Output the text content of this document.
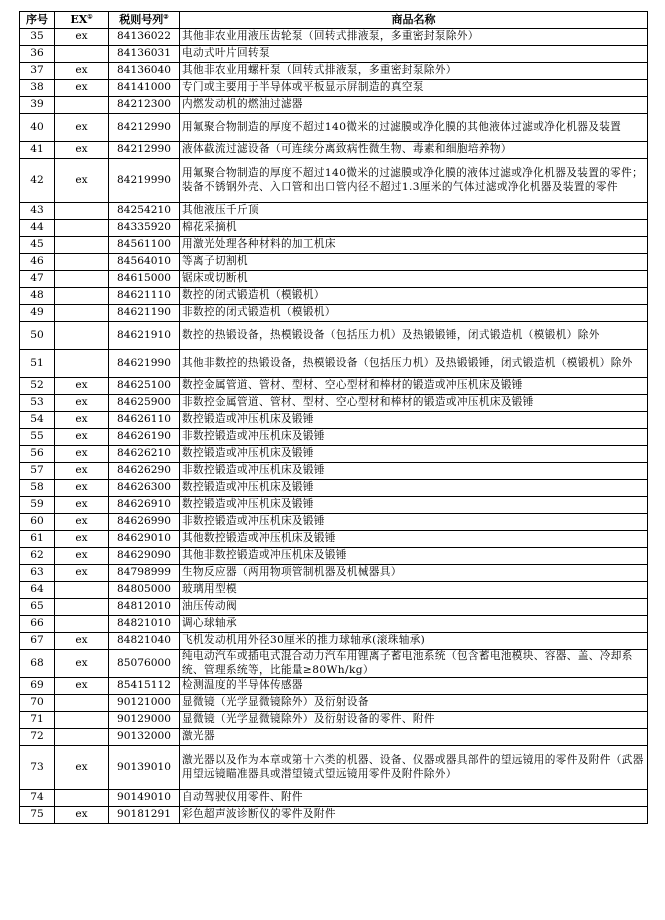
序号	EX①	税则号列②	商品名称
35	ex	84136022	其他非农业用液压齿轮泵（回转式排液泵，多重密封泵除外）
36		84136031	电动式叶片回转泵
37	ex	84136040	其他非农业用螺杆泵（回转式排液泵，多重密封泵除外）
38	ex	84141000	专门或主要用于半导体或平板显示屏制造的真空泵
39		84212300	内燃发动机的燃油过滤器
40	ex	84212990	用氟聚合物制造的厚度不超过140微米的过滤膜或净化膜的其他液体过滤或净化机器及装置
41	ex	84212990	液体截流过滤设备（可连续分离致病性微生物、毒素和细胞培养物）
42	ex	84219990	用氟聚合物制造的厚度不超过140微米的过滤膜或净化膜的液体过滤或净化机器及装置的零件；装备不锈钢外壳、入口管和出口管内径不超过1.3厘米的气体过滤或净化机器及装置的零件
43		84254210	其他液压千斤顶
44		84335920	棉花采摘机
45		84561100	用激光处理各种材料的加工机床
46		84564010	等离子切割机
47		84615000	锯床或切断机
48		84621110	数控的闭式锻造机（模锻机）
49		84621190	非数控的闭式锻造机（模锻机）
50		84621910	数控的热锻设备，热模锻设备（包括压力机）及热锻锻锤，闭式锻造机（模锻机）除外
51		84621990	其他非数控的热锻设备，热模锻设备（包括压力机）及热锻锻锤，闭式锻造机（模锻机）除外
52	ex	84625100	数控金属管道、管材、型材、空心型材和棒材的锻造或冲压机床及锻锤
53	ex	84625900	非数控金属管道、管材、型材、空心型材和棒材的锻造或冲压机床及锻锤
54	ex	84626110	数控锻造或冲压机床及锻锤
55	ex	84626190	非数控锻造或冲压机床及锻锤
56	ex	84626210	数控锻造或冲压机床及锻锤
57	ex	84626290	非数控锻造或冲压机床及锻锤
58	ex	84626300	数控锻造或冲压机床及锻锤
59	ex	84626910	数控锻造或冲压机床及锻锤
60	ex	84626990	非数控锻造或冲压机床及锻锤
61	ex	84629010	其他数控锻造或冲压机床及锻锤
62	ex	84629090	其他非数控锻造或冲压机床及锻锤
63	ex	84798999	生物反应器（两用物项管制机器及机械器具）
64		84805000	玻璃用型模
65		84812010	油压传动阀
66		84821010	调心球轴承
67	ex	84821040	飞机发动机用外径30厘米的推力球轴承(滚珠轴承)
68	ex	85076000	纯电动汽车或插电式混合动力汽车用锂离子蓄电池系统（包含蓄电池模块、容器、盖、冷却系统、管理系统等，比能量≥80Wh/kg）
69	ex	85415112	检测温度的半导体传感器
70		90121000	显微镜（光学显微镜除外）及衍射设备
71		90129000	显微镜（光学显微镜除外）及衍射设备的零件、附件
72		90132000	激光器
73	ex	90139010	激光器以及作为本章或第十六类的机器、设备、仪器或器具部件的望远镜用的零件及附件（武器用望远镜瞄准器具或潜望镜式望远镜用零件及附件除外）
74		90149010	自动驾驶仪用零件、附件
75	ex	90181291	彩色超声波诊断仪的零件及附件
